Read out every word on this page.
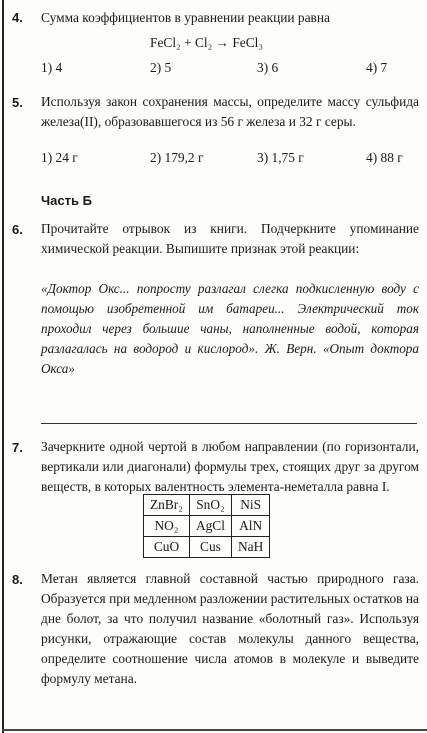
4. Сумма коэффициентов в уравнении реакции равна

FeCl₂ + Cl₂ → FeCl₃
1) 4	2) 5	3) 6	4) 7
5. Используя закон сохранения массы, определите массу сульфида железа(II), образовавшегося из 56 г железа и 32 г серы.

1) 24 г	2) 179,2 г	3) 1,75 г	4) 88 г
Часть Б
6. Прочитайте отрывок из книги. Подчеркните упоминание химической реакции. Выпишите признак этой реакции:

«Доктор Окс... попросту разлагал слегка подкисленную воду с помощью изобретенной им батареи... Электрический ток проходил через большие чаны, наполненные водой, которая разлагалась на водород и кислород». Ж. Верн. «Опыт доктора Окса»

7. Зачеркните одной чертой в любом направлении (по горизонтали, вертикали или диагонали) формулы трех, стоящих друг за другом веществ, в которых валентность элемента-неметалла равна I.

ZnBr₂	SnO₂	NiS
NO₂	AgCl	AlN
CuO	Cus	NaH
8. Метан является главной составной частью природного газа. Образуется при медленном разложении растительных остатков на дне болот, за что получил название «болотный газ». Используя рисунки, отражающие состав молекулы данного вещества, определите соотношение числа атомов в молекуле и выведите формулу метана.
